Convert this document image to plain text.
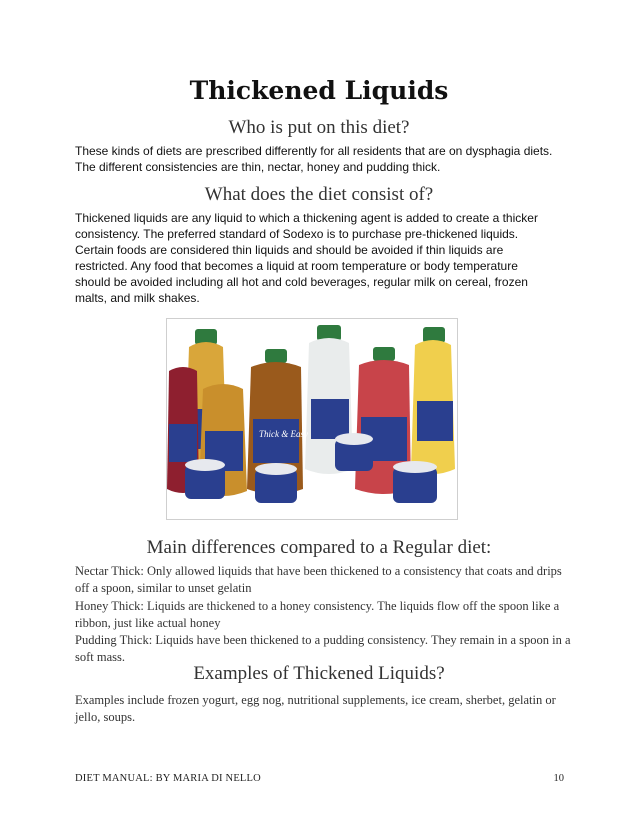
Thickened Liquids
Who is put on this diet?

These kinds of diets are prescribed differently for all residents that are on dysphagia diets. The different consistencies are thin, nectar, honey and pudding thick.

What does the diet consist of?

Thickened liquids are any liquid to which a thickening agent is added to create a thicker consistency. The preferred standard of Sodexo is to purchase pre-thickened liquids. Certain foods are considered thin liquids and should be avoided if thin liquids are restricted. Any food that becomes a liquid at room temperature or body temperature should be avoided including all hot and cold beverages, regular milk on cereal, frozen malts, and milk shakes.

Thick & Easy
Main differences compared to a Regular diet:

Nectar Thick: Only allowed liquids that have been thickened to a consistency that coats and drips off a spoon, similar to unset gelatin

Honey Thick: Liquids are thickened to a honey consistency. The liquids flow off the spoon like a ribbon, just like actual honey

Pudding Thick: Liquids have been thickened to a pudding consistency. They remain in a spoon in a soft mass.

Examples of Thickened Liquids?

Examples include frozen yogurt, egg nog, nutritional supplements, ice cream, sherbet, gelatin or jello, soups.

DIET MANUAL: BY MARIA DI NELLO	10
